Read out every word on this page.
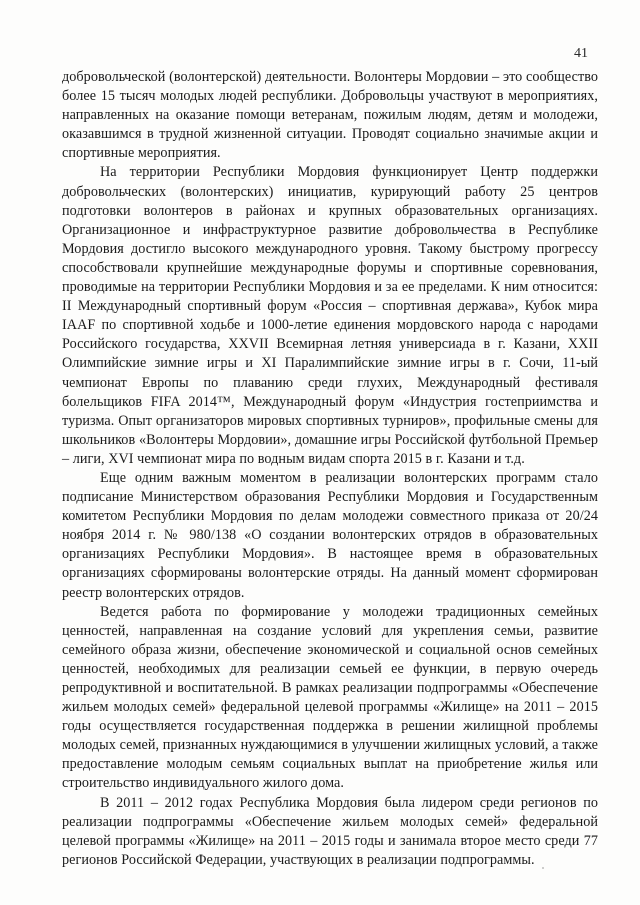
41

добровольческой (волонтерской) деятельности. Волонтеры Мордовии – это сообщество более 15 тысяч молодых людей республики. Добровольцы участвуют в мероприятиях, направленных на оказание помощи ветеранам, пожилым людям, детям и молодежи, оказавшимся в трудной жизненной ситуации. Проводят социально значимые акции и спортивные мероприятия.

На территории Республики Мордовия функционирует Центр поддержки добровольческих (волонтерских) инициатив, курирующий работу 25 центров подготовки волонтеров в районах и крупных образовательных организациях. Организационное и инфраструктурное развитие добровольчества в Республике Мордовия достигло высокого международного уровня. Такому быстрому прогрессу способствовали крупнейшие международные форумы и спортивные соревнования, проводимые на территории Республики Мордовия и за ее пределами. К ним относится: II Международный спортивный форум «Россия – спортивная держава», Кубок мира IAAF по спортивной ходьбе и 1000-летие единения мордовского народа с народами Российского государства, XXVII Всемирная летняя универсиада в г. Казани, XXII Олимпийские зимние игры и XI Паралимпийские зимние игры в г. Сочи, 11-ый чемпионат Европы по плаванию среди глухих, Международный фестиваля болельщиков FIFA 2014™, Международный форум «Индустрия гостеприимства и туризма. Опыт организаторов мировых спортивных турниров», профильные смены для школьников «Волонтеры Мордовии», домашние игры Российской футбольной Премьер – лиги, XVI чемпионат мира по водным видам спорта 2015 в г. Казани и т.д.

Еще одним важным моментом в реализации волонтерских программ стало подписание Министерством образования Республики Мордовия и Государственным комитетом Республики Мордовия по делам молодежи совместного приказа от 20/24 ноября 2014 г. № 980/138 «О создании волонтерских отрядов в образовательных организациях Республики Мордовия». В настоящее время в образовательных организациях сформированы волонтерские отряды. На данный момент сформирован реестр волонтерских отрядов.

Ведется работа по формирование у молодежи традиционных семейных ценностей, направленная на создание условий для укрепления семьи, развитие семейного образа жизни, обеспечение экономической и социальной основ семейных ценностей, необходимых для реализации семьей ее функции, в первую очередь репродуктивной и воспитательной. В рамках реализации подпрограммы «Обеспечение жильем молодых семей» федеральной целевой программы «Жилище» на 2011 – 2015 годы осуществляется государственная поддержка в решении жилищной проблемы молодых семей, признанных нуждающимися в улучшении жилищных условий, а также предоставление молодым семьям социальных выплат на приобретение жилья или строительство индивидуального жилого дома.

В 2011 – 2012 годах Республика Мордовия была лидером среди регионов по реализации подпрограммы «Обеспечение жильем молодых семей» федеральной целевой программы «Жилище» на 2011 – 2015 годы и занимала второе место среди 77 регионов Российской Федерации, участвующих в реализации подпрограммы.
